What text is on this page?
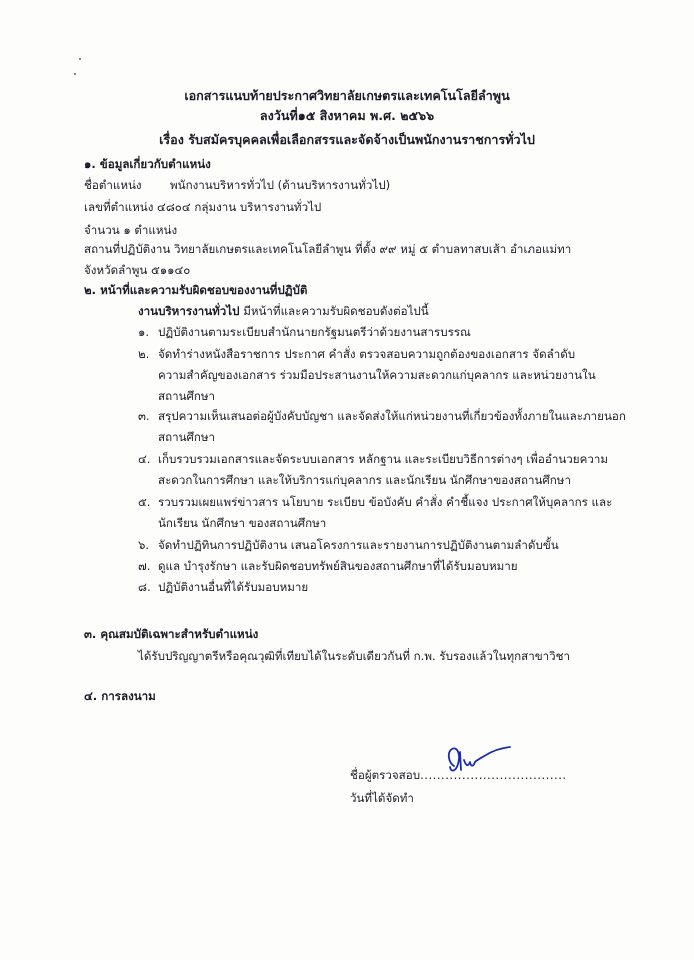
เอกสารแนบท้ายประกาศวิทยาลัยเกษตรและเทคโนโลยีลำพูน
ลงวันที่๑๕ สิงหาคม พ.ศ. ๒๕๖๖
เรื่อง รับสมัครบุคคลเพื่อเลือกสรรและจัดจ้างเป็นพนักงานราชการทั่วไป
๑. ข้อมูลเกี่ยวกับตำแหน่ง
ชื่อตำแหน่ง พนักงานบริหารทั่วไป (ด้านบริหารงานทั่วไป)
เลขที่ตำแหน่ง ๔๘๐๔ กลุ่มงาน บริหารงานทั่วไป
จำนวน ๑ ตำแหน่ง
สถานที่ปฏิบัติงาน วิทยาลัยเกษตรและเทคโนโลยีลำพูน ที่ตั้ง ๙๙ หมู่ ๕ ตำบลทาสบเส้า อำเภอแม่ทา
จังหวัดลำพูน ๕๑๑๔๐
๒. หน้าที่และความรับผิดชอบของงานที่ปฏิบัติ
งานบริหารงานทั่วไป มีหน้าที่และความรับผิดชอบดังต่อไปนี้
๑. ปฏิบัติงานตามระเบียบสำนักนายกรัฐมนตรีว่าด้วยงานสารบรรณ
๒. จัดทำร่างหนังสือราชการ ประกาศ คำสั่ง ตรวจสอบความถูกต้องของเอกสาร จัดลำดับ
ความสำคัญของเอกสาร ร่วมมือประสานงานให้ความสะดวกแก่บุคลากร และหน่วยงานใน
สถานศึกษา
๓. สรุปความเห็นเสนอต่อผู้บังคับบัญชา และจัดส่งให้แก่หน่วยงานที่เกี่ยวข้องทั้งภายในและภายนอก
สถานศึกษา
๔. เก็บรวบรวมเอกสารและจัดระบบเอกสาร หลักฐาน และระเบียบวิธีการต่างๆ เพื่ออำนวยความ
สะดวกในการศึกษา และให้บริการแก่บุคลากร และนักเรียน นักศึกษาของสถานศึกษา
๕. รวบรวมเผยแพร่ข่าวสาร นโยบาย ระเบียบ ข้อบังคับ คำสั่ง คำชี้แจง ประกาศให้บุคลากร และ
นักเรียน นักศึกษา ของสถานศึกษา
๖. จัดทำปฏิทินการปฏิบัติงาน เสนอโครงการและรายงานการปฏิบัติงานตามลำดับขั้น
๗. ดูแล บำรุงรักษา และรับผิดชอบทรัพย์สินของสถานศึกษาที่ได้รับมอบหมาย
๘. ปฏิบัติงานอื่นที่ได้รับมอบหมาย
๓. คุณสมบัติเฉพาะสำหรับตำแหน่ง
ได้รับปริญญาตรีหรือคุณวุฒิที่เทียบได้ในระดับเดียวกันที่ ก.พ. รับรองแล้วในทุกสาขาวิชา
๔. การลงนาม
ชื่อผู้ตรวจสอบ...................................
วันที่ได้จัดทำ
